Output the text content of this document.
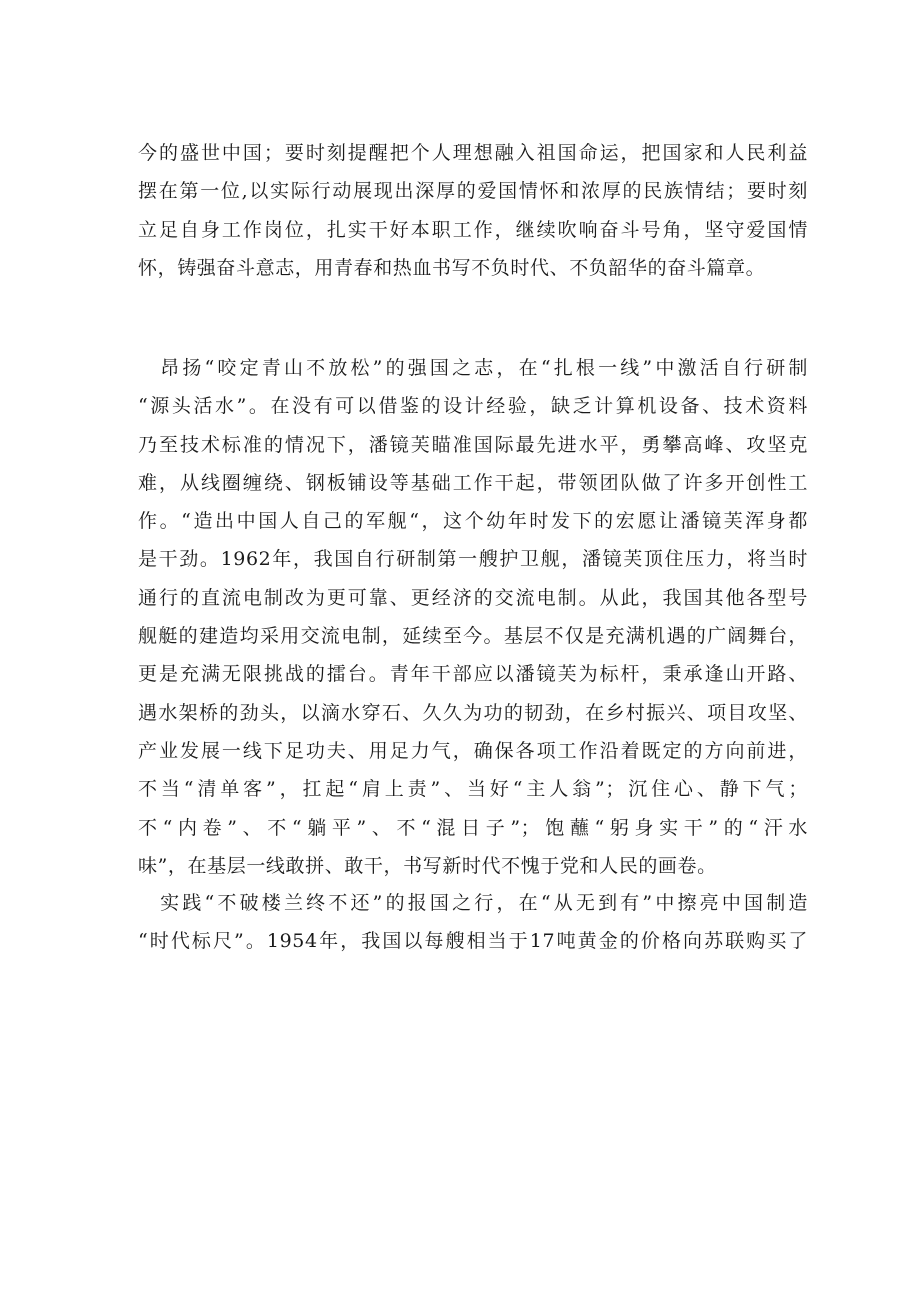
今的盛世中国；要时刻提醒把个人理想融入祖国命运，把国家和人民利益
摆在第一位,以实际行动展现出深厚的爱国情怀和浓厚的民族情结；要时刻
立足自身工作岗位，扎实干好本职工作，继续吹响奋斗号角，坚守爱国情
怀，铸强奋斗意志，用青春和热血书写不负时代、不负韶华的奋斗篇章。
　昂扬“咬定青山不放松”的强国之志，在“扎根一线”中激活自行研制
“源头活水”。在没有可以借鉴的设计经验，缺乏计算机设备、技术资料
乃至技术标准的情况下，潘镜芙瞄准国际最先进水平，勇攀高峰、攻坚克
难，从线圈缠绕、钢板铺设等基础工作干起，带领团队做了许多开创性工
作。“造出中国人自己的军舰“，这个幼年时发下的宏愿让潘镜芙浑身都
是干劲。1962年，我国自行研制第一艘护卫舰，潘镜芙顶住压力，将当时
通行的直流电制改为更可靠、更经济的交流电制。从此，我国其他各型号
舰艇的建造均采用交流电制，延续至今。基层不仅是充满机遇的广阔舞台，
更是充满无限挑战的擂台。青年干部应以潘镜芙为标杆，秉承逢山开路、
遇水架桥的劲头，以滴水穿石、久久为功的韧劲，在乡村振兴、项目攻坚、
产业发展一线下足功夫、用足力气，确保各项工作沿着既定的方向前进，
不当“清单客”，扛起“肩上责”、当好“主人翁”；沉住心、静下气；
不“内卷”、不“躺平”、不“混日子”；饱蘸“躬身实干”的“汗水
味”，在基层一线敢拼、敢干，书写新时代不愧于党和人民的画卷。
　实践“不破楼兰终不还”的报国之行，在“从无到有”中擦亮中国制造
“时代标尺”。1954年，我国以每艘相当于17吨黄金的价格向苏联购买了
